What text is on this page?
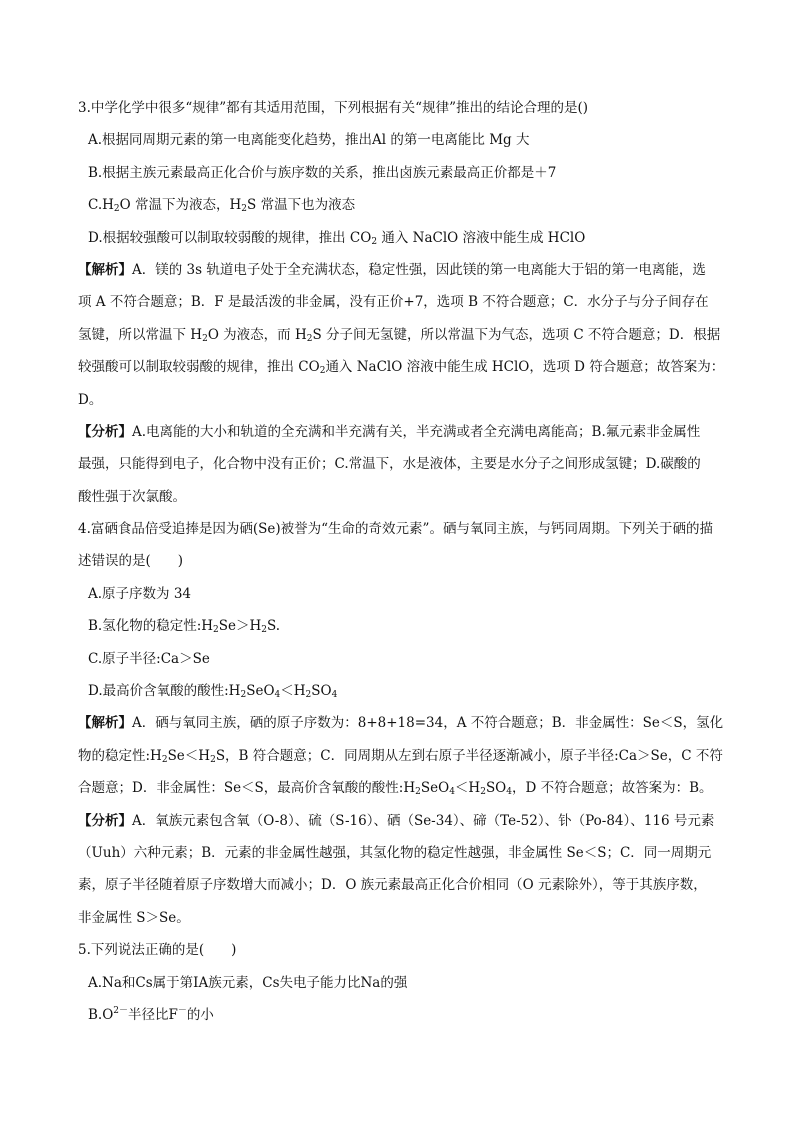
3.中学化学中很多“规律”都有其适用范围，下列根据有关“规律”推出的结论合理的是()
A.根据同周期元素的第一电离能变化趋势，推出Al 的第一电离能比 Mg 大
B.根据主族元素最高正化合价与族序数的关系，推出卤族元素最高正价都是＋7
$C.H_2O$ 常温下为液态，$H_2S$ 常温下也为液态
D.根据较强酸可以制取较弱酸的规律，推出 $CO_2$ 通入 NaClO 溶液中能生成 HClO
【解析】A．镁的 3s 轨道电子处于全充满状态，稳定性强，因此镁的第一电离能大于铝的第一电离能，选
项 A 不符合题意；B．F 是最活泼的非金属，没有正价+7，选项 B 不符合题意；C．水分子与分子间存在
氢键，所以常温下 $H_2O$ 为液态，而 $H_2S$ 分子间无氢键，所以常温下为气态，选项 C 不符合题意；D．根据
较强酸可以制取较弱酸的规律，推出 $CO_2$通入 NaClO 溶液中能生成 HClO，选项 D 符合题意；故答案为：
D。
【分析】A.电离能的大小和轨道的全充满和半充满有关，半充满或者全充满电离能高；B.氟元素非金属性
最强，只能得到电子，化合物中没有正价；C.常温下，水是液体，主要是水分子之间形成氢键；D.碳酸的
酸性强于次氯酸。
4.富硒食品倍受追捧是因为硒(Se)被誉为“生命的奇效元素”。硒与氧同主族，与钙同周期。下列关于硒的描
述错误的是(　　)
A.原子序数为 34
B.氢化物的稳定性$:H_2Se>H_2S$.
C.原子半径:Ca＞Se
D.最高价含氧酸的酸性$:H_2SeO_4<H_2SO_4$
【解析】A．硒与氧同主族，硒的原子序数为：8+8+18=34，A 不符合题意；B．非金属性：Se＜S，氢化
物的稳定性$:H_2Se<H_2S$，B 符合题意；C．同周期从左到右原子半径逐渐减小，原子半径:Ca＞Se，C 不符
合题意；D．非金属性：Se＜S，最高价含氧酸的酸性$:H_2SeO_4<H_2SO_4$，D 不符合题意；故答案为：B。
【分析】A．氧族元素包含氧（O-8）、硫（S-16）、硒（Se-34）、碲（Te-52）、钋（Po-84）、116 号元素
（Uuh）六种元素；B．元素的非金属性越强，其氢化物的稳定性越强，非金属性 Se＜S；C．同一周期元
素，原子半径随着原子序数增大而减小；D．O 族元素最高正化合价相同（O 元素除外），等于其族序数，
非金属性 S＞Se。
5.下列说法正确的是(　　)
A.Na和Cs属于第ⅠA族元素，Cs失电子能力比Na的强
$B.O^{2-}$半径比F－的小
